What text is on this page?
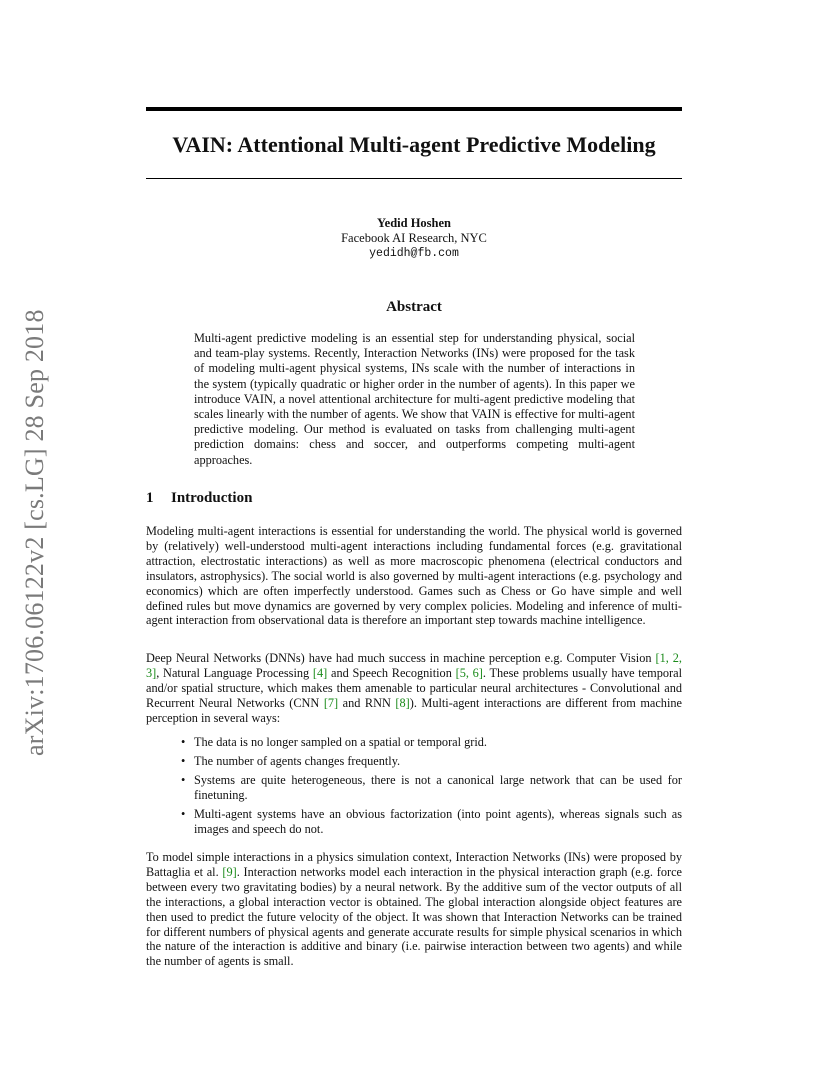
arXiv:1706.06122v2 [cs.LG] 28 Sep 2018
VAIN: Attentional Multi-agent Predictive Modeling
Yedid Hoshen
Facebook AI Research, NYC
yedidh@fb.com
Abstract

Multi-agent predictive modeling is an essential step for understanding physical, social and team-play systems. Recently, Interaction Networks (INs) were proposed for the task of modeling multi-agent physical systems, INs scale with the number of interactions in the system (typically quadratic or higher order in the number of agents). In this paper we introduce VAIN, a novel attentional architecture for multi-agent predictive modeling that scales linearly with the number of agents. We show that VAIN is effective for multi-agent predictive modeling. Our method is evaluated on tasks from challenging multi-agent prediction domains: chess and soccer, and outperforms competing multi-agent approaches.

1 Introduction

Modeling multi-agent interactions is essential for understanding the world. The physical world is governed by (relatively) well-understood multi-agent interactions including fundamental forces (e.g. gravitational attraction, electrostatic interactions) as well as more macroscopic phenomena (electrical conductors and insulators, astrophysics). The social world is also governed by multi-agent interactions (e.g. psychology and economics) which are often imperfectly understood. Games such as Chess or Go have simple and well defined rules but move dynamics are governed by very complex policies. Modeling and inference of multi-agent interaction from observational data is therefore an important step towards machine intelligence.

Deep Neural Networks (DNNs) have had much success in machine perception e.g. Computer Vision [1, 2, 3], Natural Language Processing [4] and Speech Recognition [5, 6]. These problems usually have temporal and/or spatial structure, which makes them amenable to particular neural architectures - Convolutional and Recurrent Neural Networks (CNN [7] and RNN [8]). Multi-agent interactions are different from machine perception in several ways:

• The data is no longer sampled on a spatial or temporal grid.
• The number of agents changes frequently.
• Systems are quite heterogeneous, there is not a canonical large network that can be used for finetuning.
• Multi-agent systems have an obvious factorization (into point agents), whereas signals such as images and speech do not.

To model simple interactions in a physics simulation context, Interaction Networks (INs) were proposed by Battaglia et al. [9]. Interaction networks model each interaction in the physical interaction graph (e.g. force between every two gravitating bodies) by a neural network. By the additive sum of the vector outputs of all the interactions, a global interaction vector is obtained. The global interaction alongside object features are then used to predict the future velocity of the object. It was shown that Interaction Networks can be trained for different numbers of physical agents and generate accurate results for simple physical scenarios in which the nature of the interaction is additive and binary (i.e. pairwise interaction between two agents) and while the number of agents is small.
